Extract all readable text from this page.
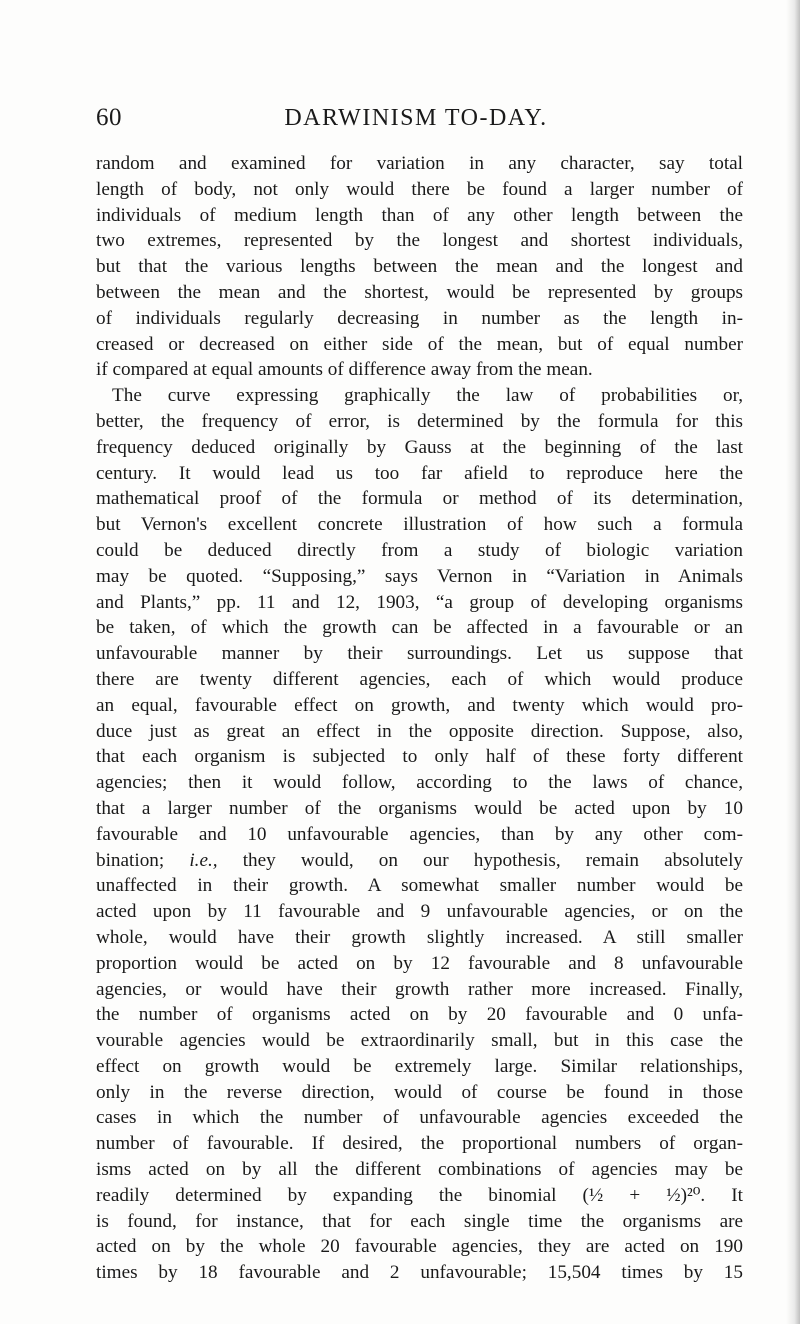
60	DARWINISM TO-DAY.
random and examined for variation in any character, say total
length of body, not only would there be found a larger number of
individuals of medium length than of any other length between the
two extremes, represented by the longest and shortest individuals,
but that the various lengths between the mean and the longest and
between the mean and the shortest, would be represented by groups
of individuals regularly decreasing in number as the length in-
creased or decreased on either side of the mean, but of equal number
if compared at equal amounts of difference away from the mean.
The curve expressing graphically the law of probabilities or,
better, the frequency of error, is determined by the formula for this
frequency deduced originally by Gauss at the beginning of the last
century. It would lead us too far afield to reproduce here the
mathematical proof of the formula or method of its determination,
but Vernon's excellent concrete illustration of how such a formula
could be deduced directly from a study of biologic variation
may be quoted. “Supposing,” says Vernon in “Variation in Animals
and Plants,” pp. 11 and 12, 1903, “a group of developing organisms
be taken, of which the growth can be affected in a favourable or an
unfavourable manner by their surroundings. Let us suppose that
there are twenty different agencies, each of which would produce
an equal, favourable effect on growth, and twenty which would pro-
duce just as great an effect in the opposite direction. Suppose, also,
that each organism is subjected to only half of these forty different
agencies; then it would follow, according to the laws of chance,
that a larger number of the organisms would be acted upon by 10
favourable and 10 unfavourable agencies, than by any other com-
bination; i.e., they would, on our hypothesis, remain absolutely
unaffected in their growth. A somewhat smaller number would be
acted upon by 11 favourable and 9 unfavourable agencies, or on the
whole, would have their growth slightly increased. A still smaller
proportion would be acted on by 12 favourable and 8 unfavourable
agencies, or would have their growth rather more increased. Finally,
the number of organisms acted on by 20 favourable and 0 unfa-
vourable agencies would be extraordinarily small, but in this case the
effect on growth would be extremely large. Similar relationships,
only in the reverse direction, would of course be found in those
cases in which the number of unfavourable agencies exceeded the
number of favourable. If desired, the proportional numbers of organ-
isms acted on by all the different combinations of agencies may be
readily determined by expanding the binomial (½ + ½)²⁰. It
is found, for instance, that for each single time the organisms are
acted on by the whole 20 favourable agencies, they are acted on 190
times by 18 favourable and 2 unfavourable; 15,504 times by 15
